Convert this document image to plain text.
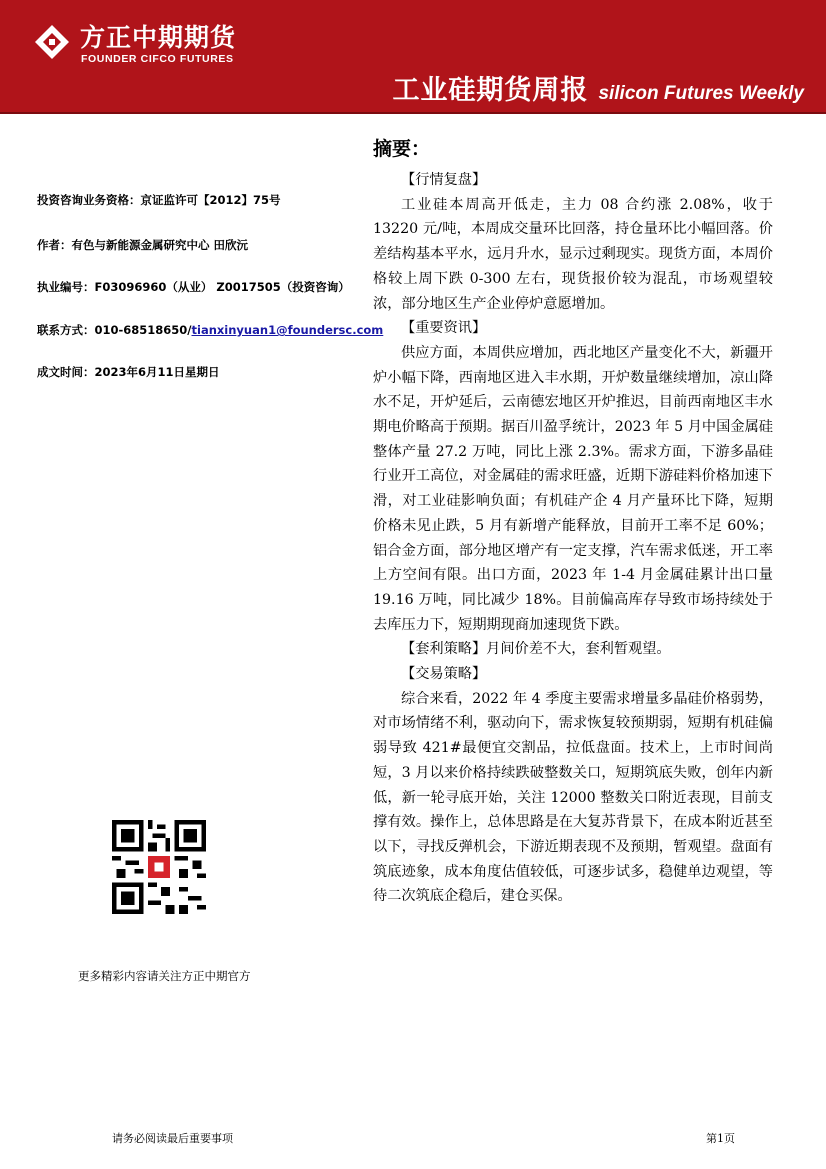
方正中期期货
FOUNDER CIFCO FUTURES
工业硅期货周报 silicon Futures Weekly
投资咨询业务资格：京证监许可【2012】75号
作者：有色与新能源金属研究中心 田欣沅
执业编号：F03096960（从业） Z0017505（投资咨询）
联系方式：010-68518650/tianxinyuan1@foundersc.com
成文时间：2023年6月11日星期日
更多精彩内容请关注方正中期官方
摘要：

【行情复盘】

工业硅本周高开低走，主力 08 合约涨 2.08%，收于 13220 元/吨，本周成交量环比回落，持仓量环比小幅回落。价差结构基本平水，远月升水，显示过剩现实。现货方面，本周价格较上周下跌 0-300 左右，现货报价较为混乱，市场观望较浓，部分地区生产企业停炉意愿增加。

【重要资讯】

供应方面，本周供应增加，西北地区产量变化不大，新疆开炉小幅下降，西南地区进入丰水期，开炉数量继续增加，凉山降水不足，开炉延后，云南德宏地区开炉推迟，目前西南地区丰水期电价略高于预期。据百川盈孚统计，2023 年 5 月中国金属硅整体产量 27.2 万吨，同比上涨 2.3%。需求方面，下游多晶硅行业开工高位，对金属硅的需求旺盛，近期下游硅料价格加速下滑，对工业硅影响负面；有机硅产企 4 月产量环比下降，短期价格未见止跌，5 月有新增产能释放，目前开工率不足 60%；铝合金方面，部分地区增产有一定支撑，汽车需求低迷，开工率上方空间有限。出口方面，2023 年 1-4 月金属硅累计出口量 19.16 万吨，同比减少 18%。目前偏高库存导致市场持续处于去库压力下，短期期现商加速现货下跌。

【套利策略】月间价差不大，套利暂观望。

【交易策略】

综合来看，2022 年 4 季度主要需求增量多晶硅价格弱势，对市场情绪不利，驱动向下，需求恢复较预期弱，短期有机硅偏弱导致 421#最便宜交割品，拉低盘面。技术上，上市时间尚短，3 月以来价格持续跌破整数关口，短期筑底失败，创年内新低，新一轮寻底开始，关注 12000 整数关口附近表现，目前支撑有效。操作上，总体思路是在大复苏背景下，在成本附近甚至以下，寻找反弹机会，下游近期表现不及预期，暂观望。盘面有筑底迹象，成本角度估值较低，可逐步试多，稳健单边观望，等待二次筑底企稳后，建仓买保。

请务必阅读最后重要事项	第1页
